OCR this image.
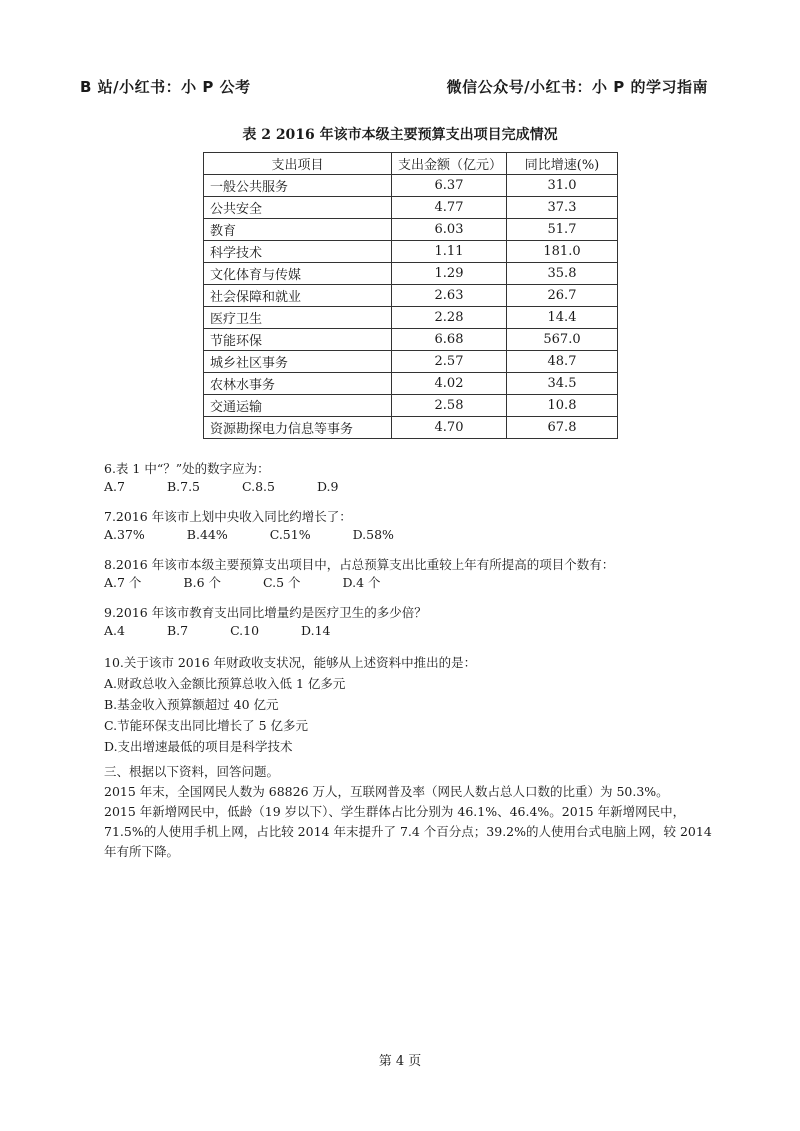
B 站/小红书：小 P 公考	微信公众号/小红书：小 P 的学习指南
表 2 2016 年该市本级主要预算支出项目完成情况
支出项目	支出金额（亿元）	同比增速(%)
一般公共服务	6.37	31.0
公共安全	4.77	37.3
教育	6.03	51.7
科学技术	1.11	181.0
文化体育与传媒	1.29	35.8
社会保障和就业	2.63	26.7
医疗卫生	2.28	14.4
节能环保	6.68	567.0
城乡社区事务	2.57	48.7
农林水事务	4.02	34.5
交通运输	2.58	10.8
资源勘探电力信息等事务	4.70	67.8

6.表 1 中“？”处的数字应为：

A.7	B.7.5	C.8.5	D.9

7.2016 年该市上划中央收入同比约增长了：

A.37%	B.44%	C.51%	D.58%

8.2016 年该市本级主要预算支出项目中，占总预算支出比重较上年有所提高的项目个数有：

A.7 个	B.6 个	C.5 个	D.4 个

9.2016 年该市教育支出同比增量约是医疗卫生的多少倍？

A.4	B.7	C.10	D.14

10.关于该市 2016 年财政收支状况，能够从上述资料中推出的是：

A.财政总收入金额比预算总收入低 1 亿多元

B.基金收入预算额超过 40 亿元

C.节能环保支出同比增长了 5 亿多元

D.支出增速最低的项目是科学技术

三、根据以下资料，回答问题。

2015 年末，全国网民人数为 68826 万人，互联网普及率（网民人数占总人口数的比重）为 50.3%。

2015 年新增网民中，低龄（19 岁以下）、学生群体占比分别为 46.1%、46.4%。2015 年新增网民中，71.5%的人使用手机上网，占比较 2014 年末提升了 7.4 个百分点；39.2%的人使用台式电脑上网，较 2014 年有所下降。

第 4 页
